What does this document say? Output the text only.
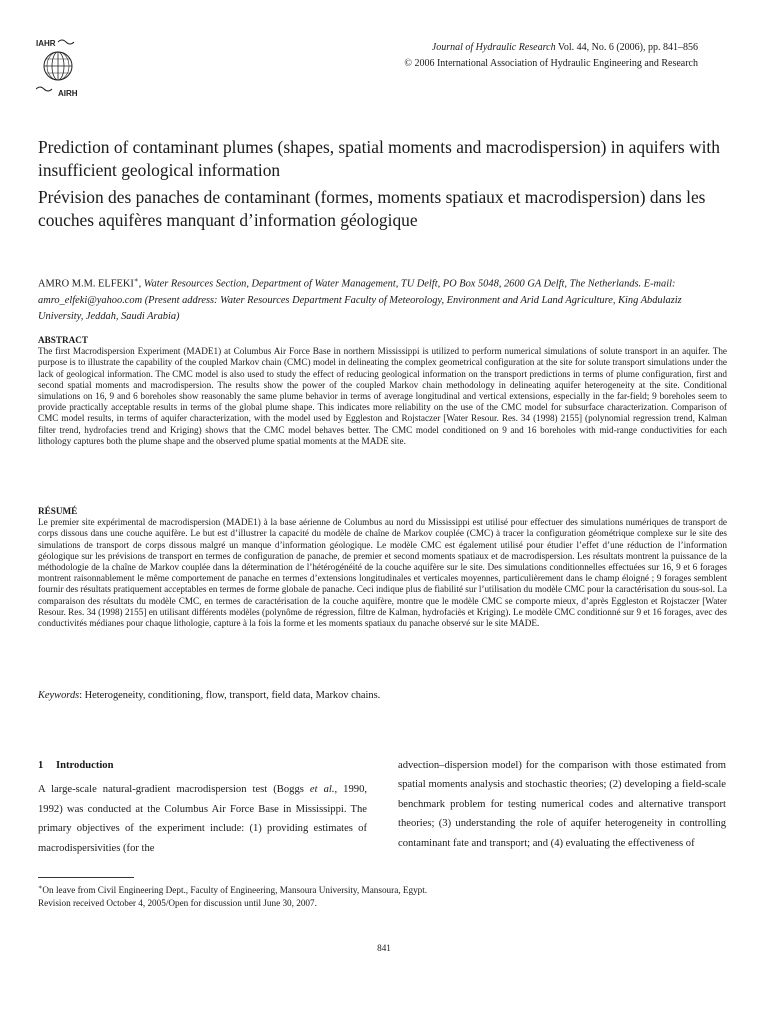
IAHR
AIRH
Journal of Hydraulic Research Vol. 44, No. 6 (2006), pp. 841–856
© 2006 International Association of Hydraulic Engineering and Research
Prediction of contaminant plumes (shapes, spatial moments and macrodispersion) in aquifers with insufficient geological information
Prévision des panaches de contaminant (formes, moments spatiaux et macrodispersion) dans les couches aquifères manquant d’information géologique
AMRO M.M. ELFEKI∗, Water Resources Section, Department of Water Management, TU Delft, PO Box 5048, 2600 GA Delft, The Netherlands. E-mail: amro_elfeki@yahoo.com (Present address: Water Resources Department Faculty of Meteorology, Environment and Arid Land Agriculture, King Abdulaziz University, Jeddah, Saudi Arabia)

ABSTRACT

The first Macrodispersion Experiment (MADE1) at Columbus Air Force Base in northern Mississippi is utilized to perform numerical simulations of solute transport in an aquifer. The purpose is to illustrate the capability of the coupled Markov chain (CMC) model in delineating the complex geometrical configuration at the site for solute transport simulations under the lack of geological information. The CMC model is also used to study the effect of reducing geological information on the transport predictions in terms of plume configuration, first and second spatial moments and macrodispersion. The results show the power of the coupled Markov chain methodology in delineating aquifer heterogeneity at the site. Conditional simulations on 16, 9 and 6 boreholes show reasonably the same plume behavior in terms of average longitudinal and vertical extensions, especially in the far-field; 9 boreholes seem to provide practically acceptable results in terms of the global plume shape. This indicates more reliability on the use of the CMC model for subsurface characterization. Comparison of CMC model results, in terms of aquifer characterization, with the model used by Eggleston and Rojstaczer [Water Resour. Res. 34 (1998) 2155] (polynomial regression trend, Kalman filter trend, hydrofacies trend and Kriging) shows that the CMC model behaves better. The CMC model conditioned on 9 and 16 boreholes with mid-range conductivities for each lithology captures both the plume shape and the observed plume spatial moments at the MADE site.

RÉSUMÉ

Le premier site expérimental de macrodispersion (MADE1) à la base aérienne de Columbus au nord du Mississippi est utilisé pour effectuer des simulations numériques de transport de corps dissous dans une couche aquifère. Le but est d’illustrer la capacité du modèle de chaîne de Markov couplée (CMC) à tracer la configuration géométrique complexe sur le site des simulations de transport de corps dissous malgré un manque d’information géologique. Le modèle CMC est également utilisé pour étudier l’effet d’une réduction de l’information géologique sur les prévisions de transport en termes de configuration de panache, de premier et second moments spatiaux et de macrodispersion. Les résultats montrent la puissance de la méthodologie de la chaîne de Markov couplée dans la détermination de l’hétérogénéité de la couche aquifère sur le site. Des simulations conditionnelles effectuées sur 16, 9 et 6 forages montrent raisonnablement le même comportement de panache en termes d’extensions longitudinales et verticales moyennes, particulièrement dans le champ éloigné ; 9 forages semblent fournir des résultats pratiquement acceptables en termes de forme globale de panache. Ceci indique plus de fiabilité sur l’utilisation du modèle CMC pour la caractérisation du sous-sol. La comparaison des résultats du modèle CMC, en termes de caractérisation de la couche aquifère, montre que le modèle CMC se comporte mieux, d’après Eggleston et Rojstaczer [Water Resour. Res. 34 (1998) 2155] en utilisant différents modèles (polynôme de régression, filtre de Kalman, hydrofaciès et Kriging). Le modèle CMC conditionné sur 9 et 16 forages, avec des conductivités médianes pour chaque lithologie, capture à la fois la forme et les moments spatiaux du panache observé sur le site MADE.

Keywords: Heterogeneity, conditioning, flow, transport, field data, Markov chains.

1 Introduction

A large-scale natural-gradient macrodispersion test (Boggs et al., 1990, 1992) was conducted at the Columbus Air Force Base in Mississippi. The primary objectives of the experiment include: (1) providing estimates of macrodispersivities (for the

advection–dispersion model) for the comparison with those estimated from spatial moments analysis and stochastic theories; (2) developing a field-scale benchmark problem for testing numerical codes and alternative transport theories; (3) understanding the role of aquifer heterogeneity in controlling contaminant fate and transport; and (4) evaluating the effectiveness of

∗On leave from Civil Engineering Dept., Faculty of Engineering, Mansoura University, Mansoura, Egypt.
Revision received October 4, 2005/Open for discussion until June 30, 2007.
841
